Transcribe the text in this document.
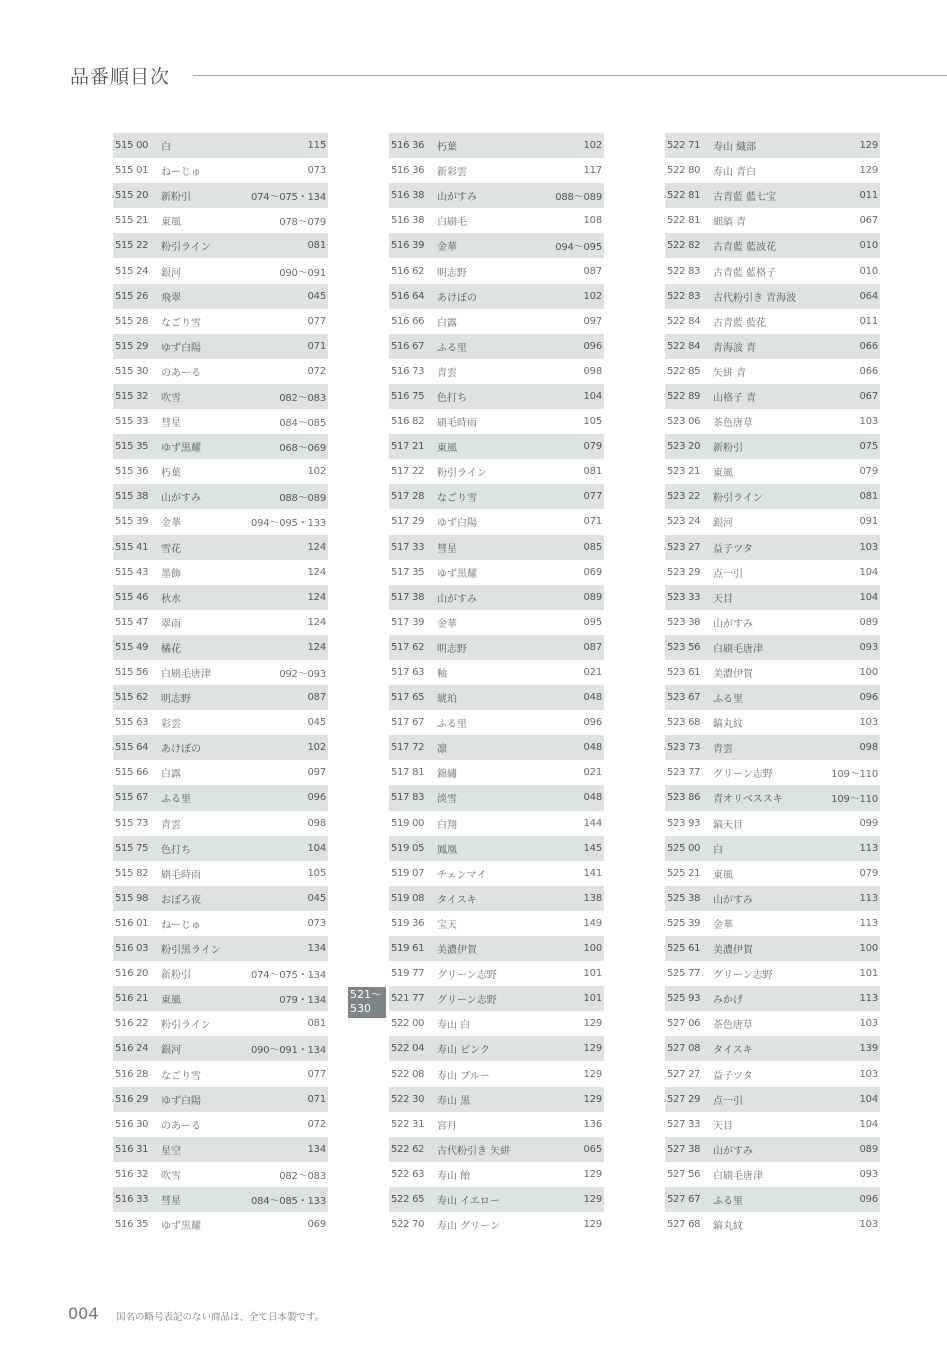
品番順目次
515 00	白	115
515 01	ねーじゅ	073
515 20	新粉引	074～075・134
515 21	東風	078～079
515 22	粉引ライン	081
515 24	銀河	090～091
515 26	飛翠	045
515 28	なごり雪	077
515 29	ゆず白陽	071
515 30	のあーる	072
515 32	吹雪	082～083
515 33	彗星	084～085
515 35	ゆず黒耀	068～069
515 36	朽葉	102
515 38	山がすみ	088～089
515 39	金華	094～095・133
515 41	雪花	124
515 43	墨飾	124
515 46	秋水	124
515 47	翠雨	124
515 49	橘花	124
515 56	白刷毛唐津	092～093
515 62	明志野	087
515 63	彩雲	045
515 64	あけぼの	102
515 66	白露	097
515 67	ふる里	096
515 73	青雲	098
515 75	色打ち	104
515 82	刷毛時雨	105
515 98	おぼろ夜	045
516 01	ねーじゅ	073
516 03	粉引黒ライン	134
516 20	新粉引	074～075・134
516 21	東風	079・134
516 22	粉引ライン	081
516 24	銀河	090～091・134
516 28	なごり雪	077
516 29	ゆず白陽	071
516 30	のあーる	072
516 31	星空	134
516 32	吹雪	082～083
516 33	彗星	084～085・133
516 35	ゆず黒耀	069
516 36	朽葉	102
516 36	新彩雲	117
516 38	山がすみ	088～089
516 38	白刷毛	108
516 39	金華	094～095
516 62	明志野	087
516 64	あけぼの	102
516 66	白露	097
516 67	ふる里	096
516 73	青雲	098
516 75	色打ち	104
516 82	刷毛時雨	105
517 21	東風	079
517 22	粉引ライン	081
517 28	なごり雪	077
517 29	ゆず白陽	071
517 33	彗星	085
517 35	ゆず黒耀	069
517 38	山がすみ	089
517 39	金華	095
517 62	明志野	087
517 63	釉	021
517 65	琥珀	048
517 67	ふる里	096
517 72	凛	048
517 81	錦繡	021
517 83	淡雪	048
519 00	白翔	144
519 05	鳳凰	145
519 07	チェンマイ	141
519 08	タイスキ	138
519 36	宝天	149
519 61	美濃伊賀	100
519 77	グリーン志野	101
521 77	グリーン志野	101
522 00	寿山 白	129
522 04	寿山 ピンク	129
522 08	寿山 ブルー	129
522 30	寿山 黒	129
522 31	宮月	136
522 62	古代粉引き 矢絣	065
522 63	寿山 飴	129
522 65	寿山 イエロー	129
522 70	寿山 グリーン	129
522 71	寿山 織部	129
522 80	寿山 青白	129
522 81	古青藍 藍七宝	011
522 81	細縞 青	067
522 82	古青藍 藍波花	010
522 83	古青藍 藍格子	010
522 83	古代粉引き 青海波	064
522 84	古青藍 藍花	011
522 84	青海波 青	066
522 85	矢絣 青	066
522 89	山格子 青	067
523 06	茶色唐草	103
523 20	新粉引	075
523 21	東風	079
523 22	粉引ライン	081
523 24	銀河	091
523 27	益子ツタ	103
523 29	点一引	104
523 33	天目	104
523 38	山がすみ	089
523 56	白刷毛唐津	093
523 61	美濃伊賀	100
523 67	ふる里	096
523 68	鎬丸紋	103
523 73	青雲	098
523 77	グリーン志野	109～110
523 86	青オリベススキ	109～110
523 93	鎬天目	099
525 00	白	113
525 21	東風	079
525 38	山がすみ	113
525 39	金華	113
525 61	美濃伊賀	100
525 77	グリーン志野	101
525 93	みかげ	113
527 06	茶色唐草	103
527 08	タイスキ	139
527 27	益子ツタ	103
527 29	点一引	104
527 33	天目	104
527 38	山がすみ	089
527 56	白刷毛唐津	093
527 67	ふる里	096
527 68	鎬丸紋	103
521～
530
004 国名の略号表記のない商品は、全て日本製です。
